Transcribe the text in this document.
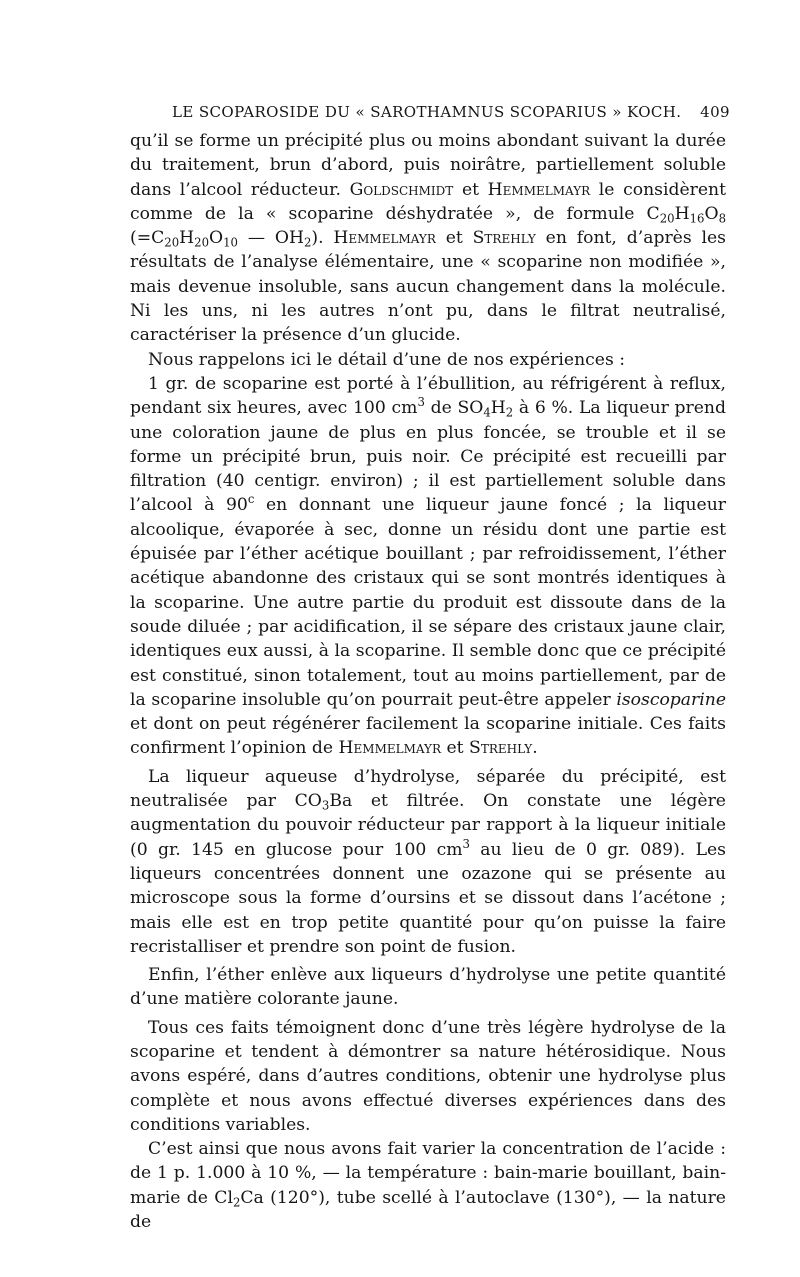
LE SCOPAROSIDE DU « SAROTHAMNUS SCOPARIUS » KOCH. 409

qu’il se forme un précipité plus ou moins abondant suivant la durée du traitement, brun d’abord, puis noirâtre, partiellement soluble dans l’alcool réducteur. Goldschmidt et Hemmelmayr le considèrent comme de la « scoparine déshydratée », de formule $C_{20}H_{16}O_8$ ($=C_{20}H_{20}O_{10}$ — $OH_2$). Hemmelmayr et Strehly en font, d’après les résultats de l’analyse élémentaire, une « scoparine non modifiée », mais devenue insoluble, sans aucun changement dans la molécule. Ni les uns, ni les autres n’ont pu, dans le filtrat neutralisé, caractériser la présence d’un glucide.

Nous rappelons ici le détail d’une de nos expériences :

1 gr. de scoparine est porté à l’ébullition, au réfrigérent à reflux, pendant six heures, avec 100 $cm^3$ de $SO_4H_2$ à 6 %. La liqueur prend une coloration jaune de plus en plus foncée, se trouble et il se forme un précipité brun, puis noir. Ce précipité est recueilli par filtration (40 centigr. environ) ; il est partiellement soluble dans l’alcool à 90$^c$ en donnant une liqueur jaune foncé ; la liqueur alcoolique, évaporée à sec, donne un résidu dont une partie est épuisée par l’éther acétique bouillant ; par refroidissement, l’éther acétique abandonne des cristaux qui se sont montrés identiques à la scoparine. Une autre partie du produit est dissoute dans de la soude diluée ; par acidification, il se sépare des cristaux jaune clair, identiques eux aussi, à la scoparine. Il semble donc que ce précipité est constitué, sinon totalement, tout au moins partiellement, par de la scoparine insoluble qu’on pourrait peut-être appeler isoscoparine et dont on peut régénérer facilement la scoparine initiale. Ces faits confirment l’opinion de Hemmelmayr et Strehly.

La liqueur aqueuse d’hydrolyse, séparée du précipité, est neutralisée par $CO_3Ba$ et filtrée. On constate une légère augmentation du pouvoir réducteur par rapport à la liqueur initiale (0 gr. 145 en glucose pour 100 $cm^3$ au lieu de 0 gr. 089). Les liqueurs concentrées donnent une ozazone qui se présente au microscope sous la forme d’oursins et se dissout dans l’acétone ; mais elle est en trop petite quantité pour qu’on puisse la faire recristalliser et prendre son point de fusion.

Enfin, l’éther enlève aux liqueurs d’hydrolyse une petite quantité d’une matière colorante jaune.

Tous ces faits témoignent donc d’une très légère hydrolyse de la scoparine et tendent à démontrer sa nature hétérosidique. Nous avons espéré, dans d’autres conditions, obtenir une hydrolyse plus complète et nous avons effectué diverses expériences dans des conditions variables.

C’est ainsi que nous avons fait varier la concentration de l’acide : de 1 p. 1.000 à 10 %, — la température : bain-marie bouillant, bain-marie de $Cl_2Ca$ (120°), tube scellé à l’autoclave (130°), — la nature de
